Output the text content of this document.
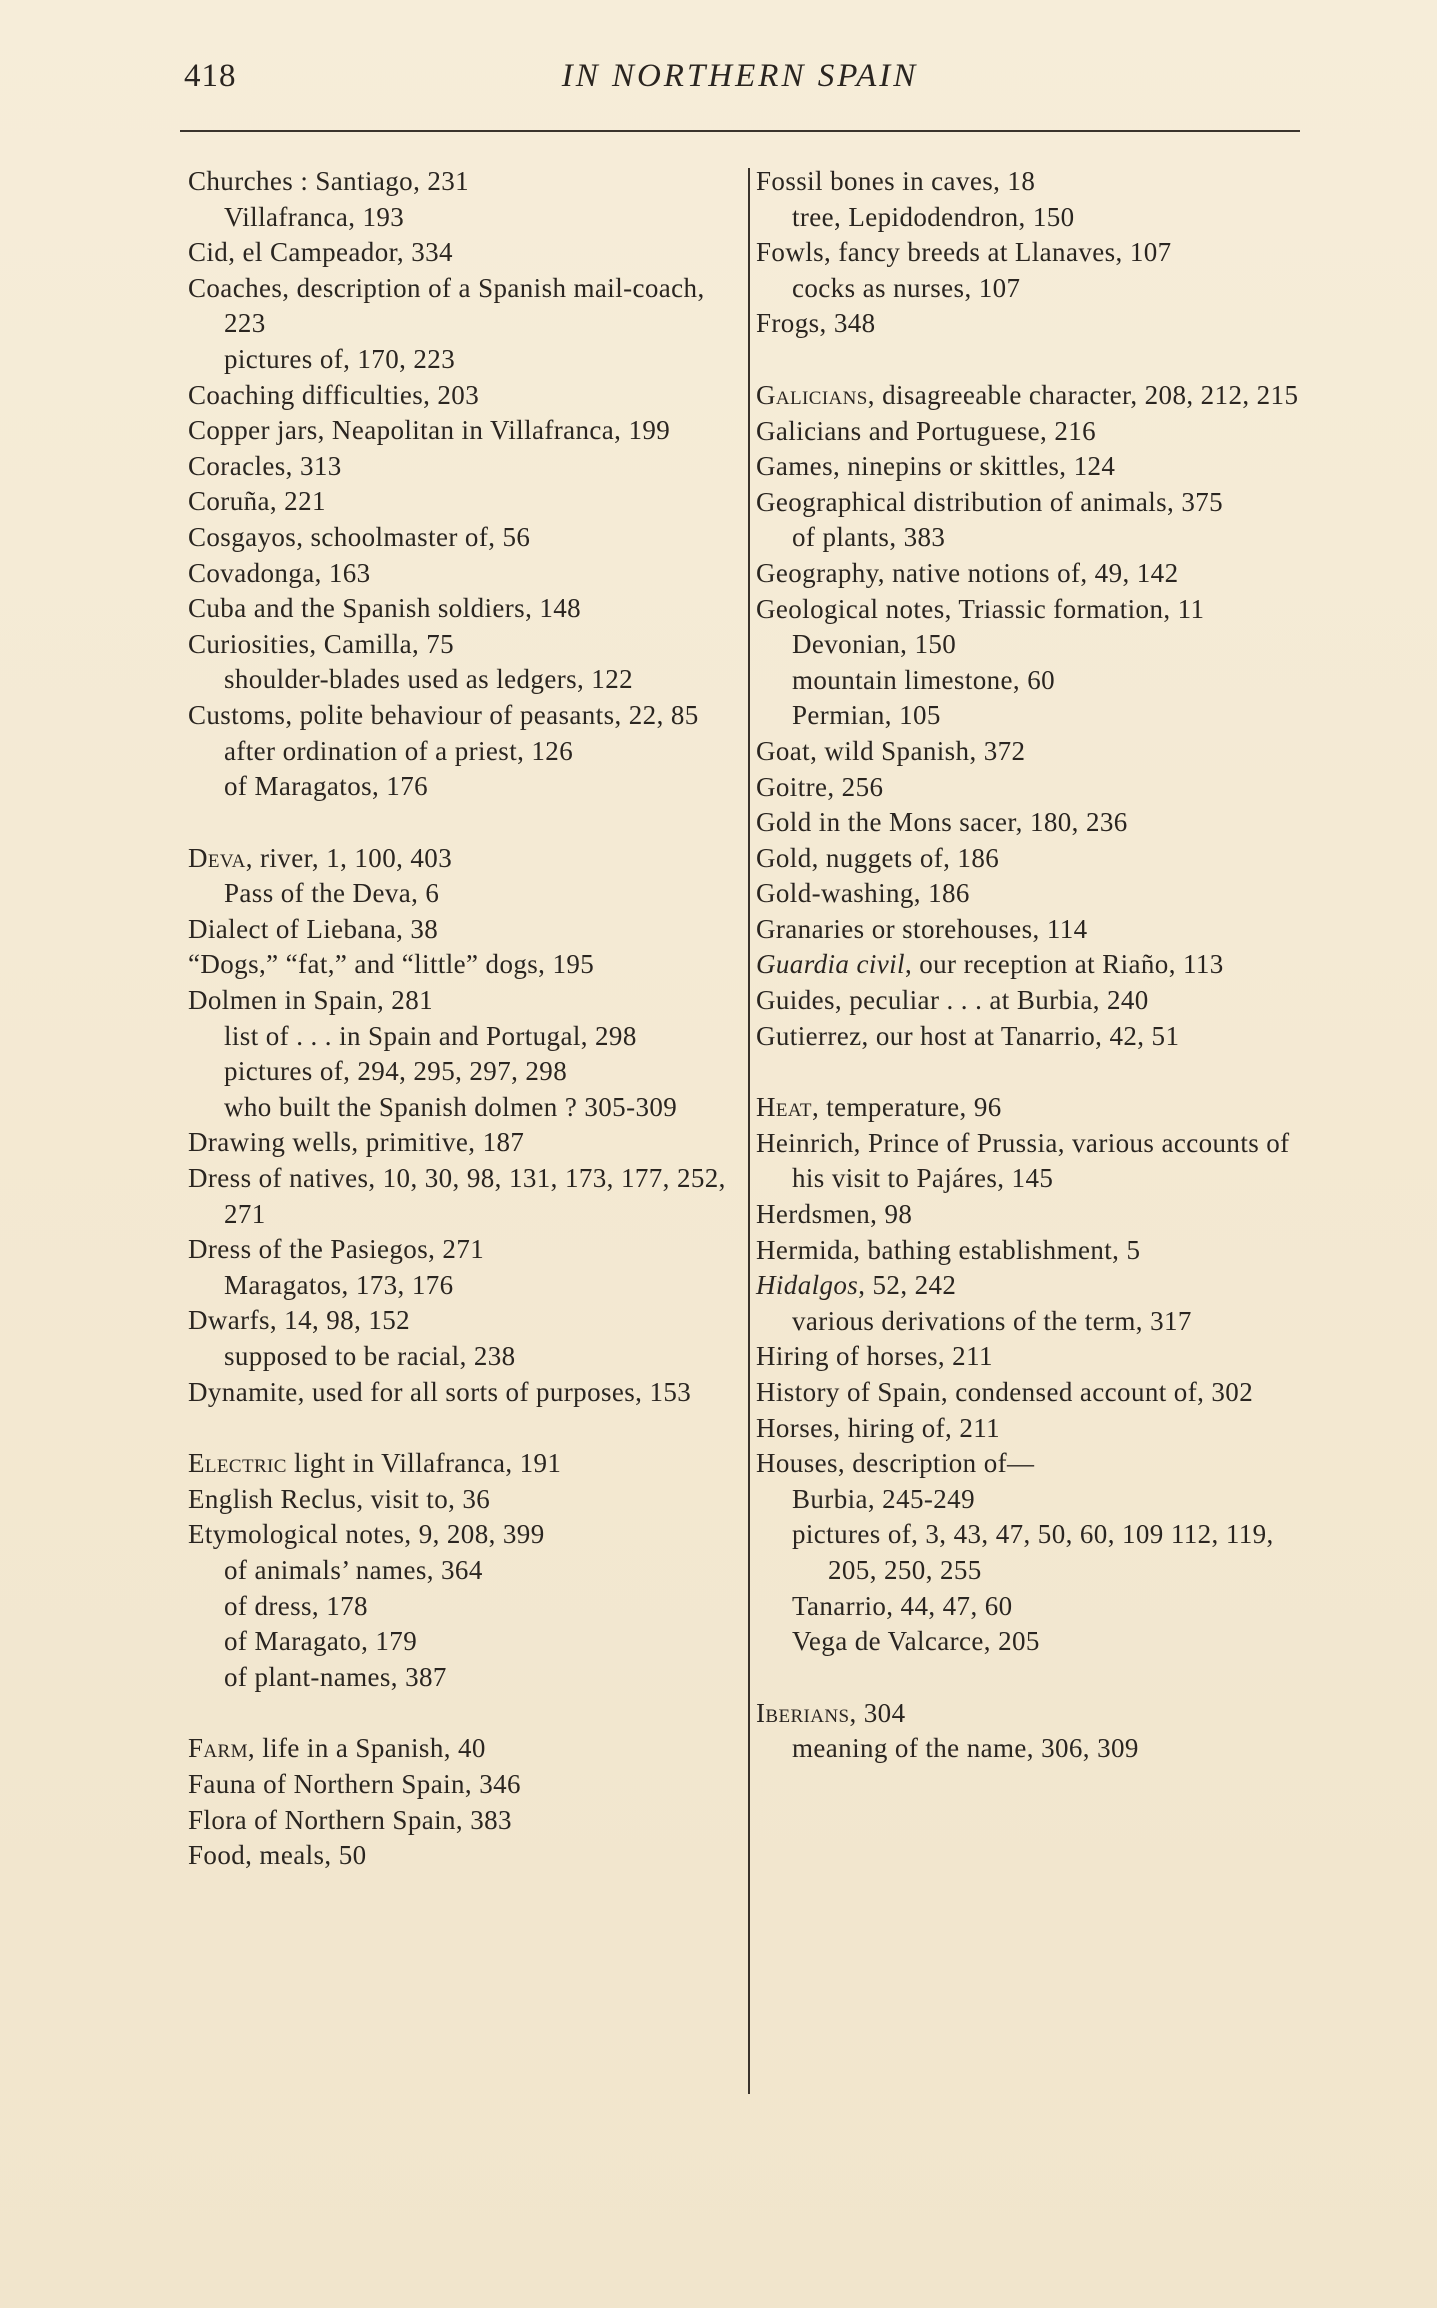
418	IN NORTHERN SPAIN
Churches : Santiago, 231
Villafranca, 193
Cid, el Campeador, 334
Coaches, description of a Spanish mail-coach, 223
pictures of, 170, 223
Coaching difficulties, 203
Copper jars, Neapolitan in Villafranca, 199
Coracles, 313
Coruña, 221
Cosgayos, schoolmaster of, 56
Covadonga, 163
Cuba and the Spanish soldiers, 148
Curiosities, Camilla, 75
shoulder-blades used as ledgers, 122
Customs, polite behaviour of peasants, 22, 85
after ordination of a priest, 126
of Maragatos, 176
Deva, river, 1, 100, 403
Pass of the Deva, 6
Dialect of Liebana, 38
“Dogs,” “fat,” and “little” dogs, 195
Dolmen in Spain, 281
list of . . . in Spain and Portugal, 298
pictures of, 294, 295, 297, 298
who built the Spanish dolmen ? 305-309
Drawing wells, primitive, 187
Dress of natives, 10, 30, 98, 131, 173, 177, 252, 271
Dress of the Pasiegos, 271
Maragatos, 173, 176
Dwarfs, 14, 98, 152
supposed to be racial, 238
Dynamite, used for all sorts of purposes, 153
Electric light in Villafranca, 191
English Reclus, visit to, 36
Etymological notes, 9, 208, 399
of animals’ names, 364
of dress, 178
of Maragato, 179
of plant-names, 387
Farm, life in a Spanish, 40
Fauna of Northern Spain, 346
Flora of Northern Spain, 383
Food, meals, 50
Fossil bones in caves, 18
tree, Lepidodendron, 150
Fowls, fancy breeds at Llanaves, 107
cocks as nurses, 107
Frogs, 348
Galicians, disagreeable character, 208, 212, 215
Galicians and Portuguese, 216
Games, ninepins or skittles, 124
Geographical distribution of animals, 375
of plants, 383
Geography, native notions of, 49, 142
Geological notes, Triassic formation, 11
Devonian, 150
mountain limestone, 60
Permian, 105
Goat, wild Spanish, 372
Goitre, 256
Gold in the Mons sacer, 180, 236
Gold, nuggets of, 186
Gold-washing, 186
Granaries or storehouses, 114
Guardia civil, our reception at Riaño, 113
Guides, peculiar . . . at Burbia, 240
Gutierrez, our host at Tanarrio, 42, 51
Heat, temperature, 96
Heinrich, Prince of Prussia, various accounts of his visit to Pajáres, 145
Herdsmen, 98
Hermida, bathing establishment, 5
Hidalgos, 52, 242
various derivations of the term, 317
Hiring of horses, 211
History of Spain, condensed account of, 302
Horses, hiring of, 211
Houses, description of—
Burbia, 245-249
pictures of, 3, 43, 47, 50, 60, 109 112, 119, 205, 250, 255
Tanarrio, 44, 47, 60
Vega de Valcarce, 205
Iberians, 304
meaning of the name, 306, 309
